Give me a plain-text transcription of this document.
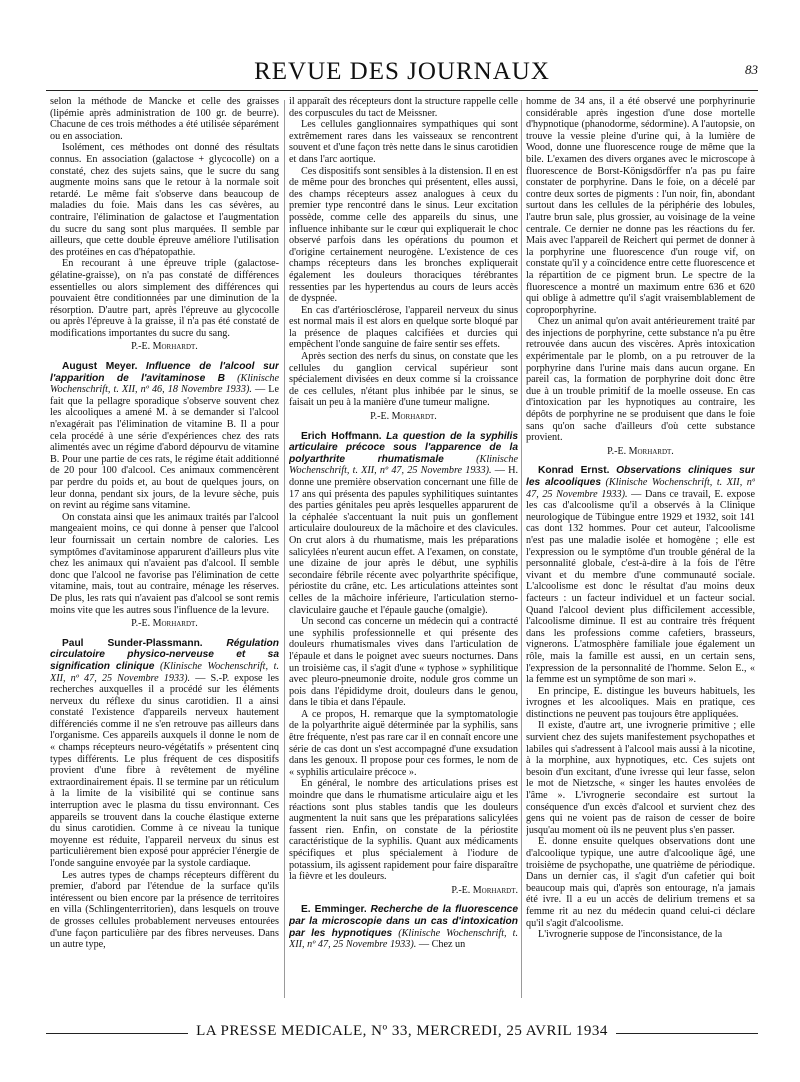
REVUE DES JOURNAUX	83

selon la méthode de Mancke et celle des graisses (lipémie après administration de 100 gr. de beurre). Chacune de ces trois méthodes a été utilisée séparément ou en association.

Isolément, ces méthodes ont donné des résultats connus. En association (galactose + glycocolle) on a constaté, chez des sujets sains, que le sucre du sang augmente moins sans que le retour à la normale soit retardé. Le même fait s'observe dans beaucoup de maladies du foie. Mais dans les cas sévères, au contraire, l'élimination de galactose et l'augmentation du sucre du sang sont plus marquées. Il semble par ailleurs, que cette double épreuve améliore l'utilisation des protéines en cas d'hépatopathie.

En recourant à une épreuve triple (galactose-gélatine-graisse), on n'a pas constaté de différences essentielles ou alors simplement des différences qui pouvaient être conditionnées par une diminution de la résorption. D'autre part, après l'épreuve au glycocolle ou après l'épreuve à la graisse, il n'a pas été constaté de modifications importantes du sucre du sang.

P.-E. Morhardt.

August Meyer. Influence de l'alcool sur l'apparition de l'avitaminose B (Klinische Wochenschrift, t. XII, nº 46, 18 Novembre 1933). — Le fait que la pellagre sporadique s'observe souvent chez les alcooliques a amené M. à se demander si l'alcool n'exagérait pas l'élimination de vitamine B. Il a pour cela procédé à une série d'expériences chez des rats alimentés avec un régime d'abord dépourvu de vitamine B. Pour une partie de ces rats, le régime était additionné de 20 pour 100 d'alcool. Ces animaux commencèrent par perdre du poids et, au bout de quelques jours, on leur donna, pendant six jours, de la levure sèche, puis on revint au régime sans vitamine.

On constata ainsi que les animaux traités par l'alcool mangeaient moins, ce qui donne à penser que l'alcool leur fournissait un certain nombre de calories. Les symptômes d'avitaminose apparurent d'ailleurs plus vite chez les animaux qui n'avaient pas d'alcool. Il semble donc que l'alcool ne favorise pas l'élimination de cette vitamine, mais, tout au contraire, ménage les réserves. De plus, les rats qui n'avaient pas d'alcool se sont remis moins vite que les autres sous l'influence de la levure.

P.-E. Morhardt.

Paul Sunder-Plassmann. Régulation circulatoire physico-nerveuse et sa signification clinique (Klinische Wochenschrift, t. XII, nº 47, 25 Novembre 1933). — S.-P. expose les recherches auxquelles il a procédé sur les éléments nerveux du réflexe du sinus carotidien. Il a ainsi constaté l'existence d'appareils nerveux hautement différenciés comme il ne s'en retrouve pas ailleurs dans l'organisme. Ces appareils auxquels il donne le nom de « champs récepteurs neuro-végétatifs » présentent cinq types différents. Le plus fréquent de ces dispositifs provient d'une fibre à revêtement de myéline extraordinairement épais. Il se termine par un réticulum à la limite de la visibilité qui se continue sans interruption avec le plasma du tissu environnant. Ces appareils se trouvent dans la couche élastique externe du sinus carotidien. Comme à ce niveau la tunique moyenne est réduite, l'appareil nerveux du sinus est particulièrement bien exposé pour apprécier l'énergie de l'onde sanguine envoyée par la systole cardiaque.

Les autres types de champs récepteurs diffèrent du premier, d'abord par l'étendue de la surface qu'ils intéressent ou bien encore par la présence de territoires en villa (Schlingenterritorien), dans lesquels on trouve de grosses cellules probablement nerveuses entourées d'une façon particulière par des fibres nerveuses. Dans un autre type,

il apparaît des récepteurs dont la structure rappelle celle des corpuscules du tact de Meissner.

Les cellules ganglionnaires sympathiques qui sont extrêmement rares dans les vaisseaux se rencontrent souvent et d'une façon très nette dans le sinus carotidien et dans l'arc aortique.

Ces dispositifs sont sensibles à la distension. Il en est de même pour des bronches qui présentent, elles aussi, des champs récepteurs assez analogues à ceux du premier type rencontré dans le sinus. Leur excitation possède, comme celle des appareils du sinus, une influence inhibante sur le cœur qui expliquerait le choc observé parfois dans les opérations du poumon et d'origine certainement neurogène. L'existence de ces champs récepteurs dans les bronches expliquerait également les douleurs thoraciques térébrantes ressenties par les hypertendus au cours de leurs accès de dyspnée.

En cas d'artériosclérose, l'appareil nerveux du sinus est normal mais il est alors en quelque sorte bloqué par la présence de plaques calcifiées et durcies qui empêchent l'onde sanguine de faire sentir ses effets.

Après section des nerfs du sinus, on constate que les cellules du ganglion cervical supérieur sont spécialement divisées en deux comme si la croissance de ces cellules, n'étant plus inhibée par le sinus, se faisait un peu à la manière d'une tumeur maligne.

P.-E. Morhardt.

Erich Hoffmann. La question de la syphilis articulaire précoce sous l'apparence de la polyarthrite rhumatismale	(Klinische Wochenschrift, t. XII, nº 47, 25 Novembre 1933). — H. donne une première observation concernant une fille de 17 ans qui présenta des papules syphilitiques suintantes des parties génitales peu après lesquelles apparurent de la céphalée s'accentuant la nuit puis un gonflement articulaire douloureux de la mâchoire et des clavicules. On crut alors à du rhumatisme, mais les préparations salicylées n'eurent aucun effet. A l'examen, on constate, une dizaine de jour après le début, une syphilis secondaire fébrile récente avec polyarthrite spécifique, périostite du crâne, etc. Les articulations atteintes sont celles de la mâchoire inférieure, l'articulation sterno-claviculaire gauche et l'épaule gauche (omalgie).

Un second cas concerne un médecin qui a contracté une syphilis professionnelle et qui présente des douleurs rhumatismales vives dans l'articulation de l'épaule et dans le poignet avec sueurs nocturnes. Dans un troisième cas, il s'agit d'une « typhose » syphilitique avec pleuro-pneumonie droite, nodule gros comme un pois dans l'épididyme droit, douleurs dans le genou, dans le tibia et dans l'épaule.

A ce propos, H. remarque que la symptomatologie de la polyarthrite aiguë déterminée par la syphilis, sans être fréquente, n'est pas rare car il en connaît encore une série de cas dont un s'est accompagné d'une exsudation dans les genoux. Il propose pour ces formes, le nom de « syphilis articulaire précoce ».

En général, le nombre des articulations prises est moindre que dans le rhumatisme articulaire aigu et les réactions sont plus stables tandis que les douleurs augmentent la nuit sans que les préparations salicylées fassent rien. Enfin, on constate de la périostite caractéristique de la syphilis. Quant aux médicaments spécifiques et plus spécialement à l'iodure de potassium, ils agissent rapidement pour faire disparaître la fièvre et les douleurs.

P.-E. Morhardt.

E. Emminger. Recherche de la fluorescence par la microscopie dans un cas d'intoxication par les hypnotiques (Klinische Wochenschrift, t. XII, nº 47, 25 Novembre 1933). — Chez un

homme de 34 ans, il a été observé une porphyrinurie considérable après ingestion d'une dose mortelle d'hypnotique (phanodorme, sédormine). A l'autopsie, on trouve la vessie pleine d'urine qui, à la lumière de Wood, donne une fluorescence rouge de même que la bile. L'examen des divers organes avec le microscope à fluorescence de Borst-Königsdörffer n'a pas pu faire constater de porphyrine. Dans le foie, on a décelé par contre deux sortes de pigments : l'un noir, fin, abondant surtout dans les cellules de la périphérie des lobules, l'autre brun sale, plus grossier, au voisinage de la veine centrale. Ce dernier ne donne pas les réactions du fer. Mais avec l'appareil de Reichert qui permet de donner à la porphyrine une fluorescence d'un rouge vif, on constate qu'il y a coïncidence entre cette fluorescence et la répartition de ce pigment brun. Le spectre de la fluorescence a montré un maximum entre 636 et 620 qui oblige à admettre qu'il s'agit vraisemblablement de coproporphyrine.

Chez un animal qu'on avait antérieurement traité par des injections de porphyrine, cette substance n'a pu être retrouvée dans aucun des viscères. Après intoxication expérimentale par le plomb, on a pu retrouver de la porphyrine dans l'urine mais dans aucun organe. En pareil cas, la formation de porphyrine doit donc être due à un trouble primitif de la moelle osseuse. En cas d'intoxication par les hypnotiques au contraire, les dépôts de porphyrine ne se produisent que dans le foie sans qu'on sache d'ailleurs d'où cette substance provient.

P.-E. Morhardt.

Konrad Ernst. Observations cliniques sur les alcooliques (Klinische Wochenschrift, t. XII, nº 47, 25 Novembre 1933). — Dans ce travail, E. expose les cas d'alcoolisme qu'il a observés à la Clinique neurologique de Tübingue entre 1929 et 1932, soit 141 cas dont 132 hommes. Pour cet auteur, l'alcoolisme n'est pas une maladie isolée et homogène ; elle est l'expression ou le symptôme d'un trouble général de la personnalité globale, c'est-à-dire à la fois de l'être vivant et du membre d'une communauté sociale. L'alcoolisme est donc le résultat d'au moins deux facteurs : un facteur individuel et un facteur social. Quand l'alcool devient plus difficilement accessible, l'alcoolisme diminue. Il est au contraire très fréquent dans les professions comme cafetiers, brasseurs, vignerons. L'atmosphère familiale joue également un rôle, mais la famille est aussi, en un certain sens, l'expression de la personnalité de l'homme. Selon E., « la femme est un symptôme de son mari ».

En principe, E. distingue les buveurs habituels, les ivrognes et les alcooliques. Mais en pratique, ces distinctions ne peuvent pas toujours être appliquées.

Il existe, d'autre art, une ivrognerie primitive ; elle survient chez des sujets manifestement psychopathes et labiles qui s'adressent à l'alcool mais aussi à la nicotine, à la morphine, aux hypnotiques, etc. Ces sujets ont besoin d'un excitant, d'une ivresse qui leur fasse, selon le mot de Nietzsche, « singer les hautes envolées de l'âme ». L'ivrognerie secondaire est surtout la conséquence d'un excès d'alcool et survient chez des gens qui ne voient pas de raison de cesser de boire jusqu'au moment où ils ne peuvent plus s'en passer.

E. donne ensuite quelques observations dont une d'alcoolique typique, une autre d'alcoolique âgé, une troisième de psychopathe, une quatrième de périodique. Dans un dernier cas, il s'agit d'un cafetier qui boit beaucoup mais qui, d'après son entourage, n'a jamais été ivre. Il a eu un accès de delirium tremens et sa femme rit au nez du médecin quand celui-ci déclare qu'il s'agit d'alcoolisme.

L'ivrognerie suppose de l'inconsistance, de la

LA PRESSE MEDICALE, Nº 33, MERCREDI, 25 AVRIL 1934
